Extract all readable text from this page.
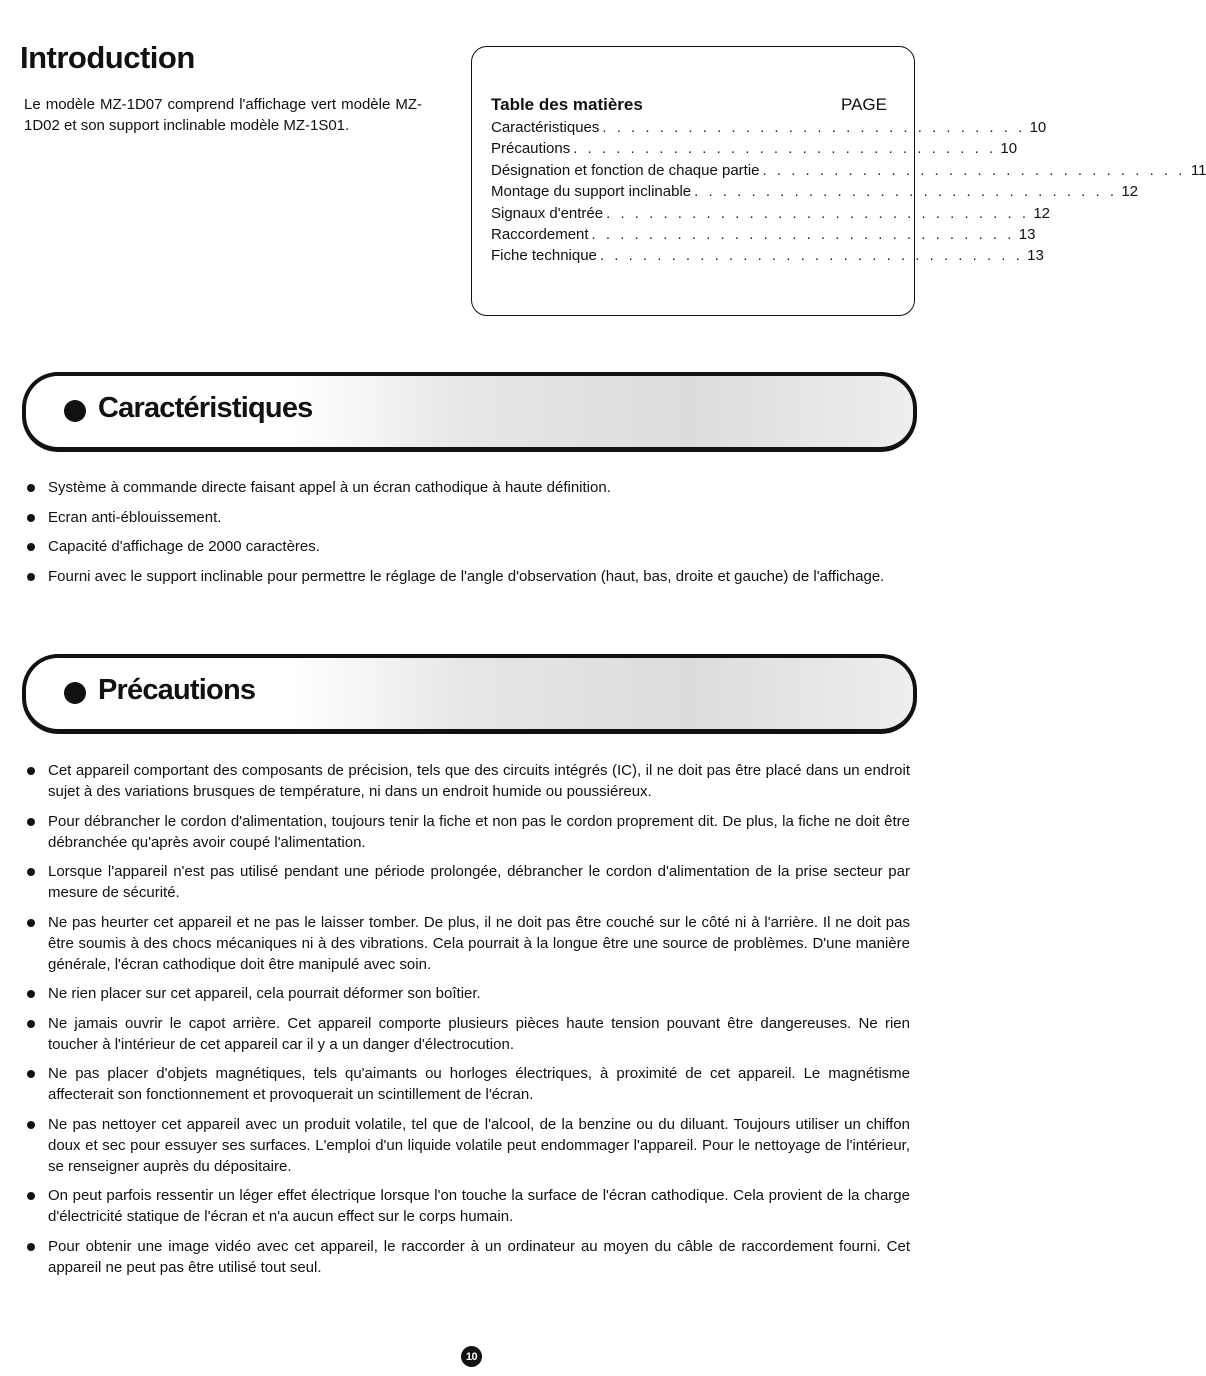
Introduction

Le modèle MZ-1D07 comprend l'affichage vert modèle MZ-1D02 et son support inclinable modèle MZ-1S01.

Table des matières	PAGE
Caractéristiques . . . . . . . . . . . . . . . . . . . . . . . . . . . . . . 10
Précautions . . . . . . . . . . . . . . . . . . . . . . . . . . . . . . 10
Désignation et fonction de chaque partie . . . . . . . . . . . . . . . . . . . . . . . . . . . . . . 11
Montage du support inclinable . . . . . . . . . . . . . . . . . . . . . . . . . . . . . . 12
Signaux d'entrée . . . . . . . . . . . . . . . . . . . . . . . . . . . . . . 12
Raccordement . . . . . . . . . . . . . . . . . . . . . . . . . . . . . . 13
Fiche technique . . . . . . . . . . . . . . . . . . . . . . . . . . . . . . 13
Caractéristiques
Système à commande directe faisant appel à un écran cathodique à haute définition.
Ecran anti-éblouissement.
Capacité d'affichage de 2000 caractères.
Fourni avec le support inclinable pour permettre le réglage de l'angle d'observation (haut, bas, droite et gauche) de l'affichage.
Précautions
Cet appareil comportant des composants de précision, tels que des circuits intégrés (IC), il ne doit pas être placé dans un endroit sujet à des variations brusques de température, ni dans un endroit humide ou poussiéreux.
Pour débrancher le cordon d'alimentation, toujours tenir la fiche et non pas le cordon proprement dit. De plus, la fiche ne doit être débranchée qu'après avoir coupé l'alimentation.
Lorsque l'appareil n'est pas utilisé pendant une période prolongée, débrancher le cordon d'alimentation de la prise secteur par mesure de sécurité.
Ne pas heurter cet appareil et ne pas le laisser tomber. De plus, il ne doit pas être couché sur le côté ni à l'arrière. Il ne doit pas être soumis à des chocs mécaniques ni à des vibrations. Cela pourrait à la longue être une source de problèmes. D'une manière générale, l'écran cathodique doit être manipulé avec soin.
Ne rien placer sur cet appareil, cela pourrait déformer son boîtier.
Ne jamais ouvrir le capot arrière. Cet appareil comporte plusieurs pièces haute tension pouvant être dangereuses. Ne rien toucher à l'intérieur de cet appareil car il y a un danger d'électrocution.
Ne pas placer d'objets magnétiques, tels qu'aimants ou horloges électriques, à proximité de cet appareil. Le magnétisme affecterait son fonctionnement et provoquerait un scintillement de l'écran.
Ne pas nettoyer cet appareil avec un produit volatile, tel que de l'alcool, de la benzine ou du diluant. Toujours utiliser un chiffon doux et sec pour essuyer ses surfaces. L'emploi d'un liquide volatile peut endommager l'appareil. Pour le nettoyage de l'intérieur, se renseigner auprès du dépositaire.
On peut parfois ressentir un léger effet électrique lorsque l'on touche la surface de l'écran cathodique. Cela provient de la charge d'électricité statique de l'écran et n'a aucun effect sur le corps humain.
Pour obtenir une image vidéo avec cet appareil, le raccorder à un ordinateur au moyen du câble de raccordement fourni. Cet appareil ne peut pas être utilisé tout seul.
10
